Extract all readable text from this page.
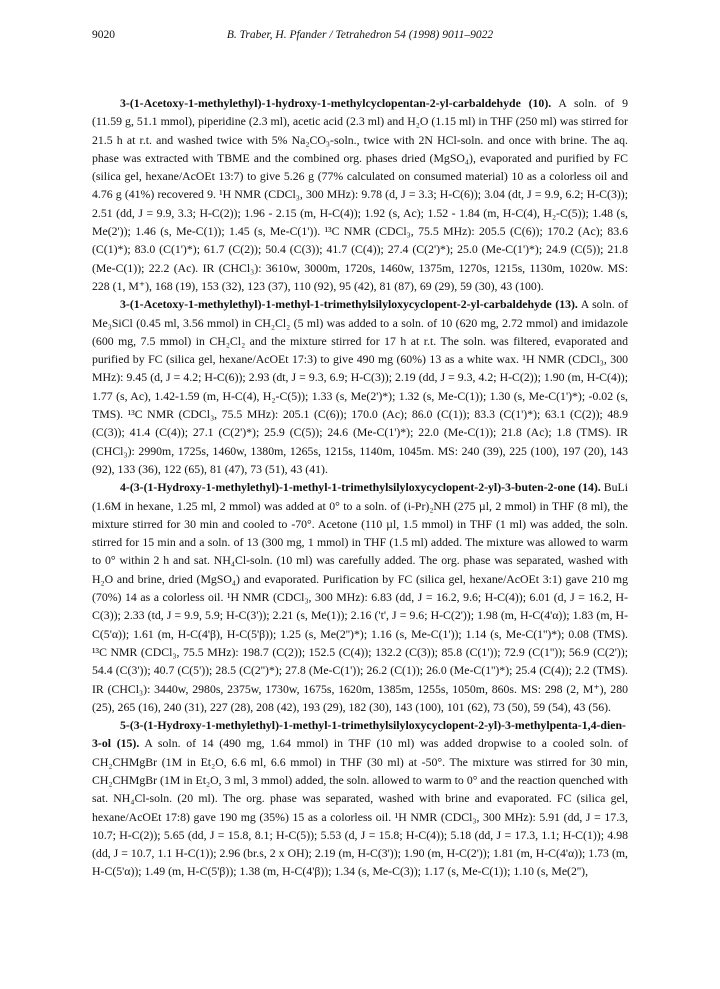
9020	B. Traber, H. Pfander / Tetrahedron 54 (1998) 9011–9022

3-(1-Acetoxy-1-methylethyl)-1-hydroxy-1-methylcyclopentan-2-yl-carbaldehyde (10). A soln. of 9 (11.59 g, 51.1 mmol), piperidine (2.3 ml), acetic acid (2.3 ml) and H₂O (1.15 ml) in THF (250 ml) was stirred for 21.5 h at r.t. and washed twice with 5% Na₂CO₃-soln., twice with 2N HCl-soln. and once with brine. The aq. phase was extracted with TBME and the combined org. phases dried (MgSO₄), evaporated and purified by FC (silica gel, hexane/AcOEt 13:7) to give 5.26 g (77% calculated on consumed material) 10 as a colorless oil and 4.76 g (41%) recovered 9. ¹H NMR (CDCl₃, 300 MHz): 9.78 (d, J = 3.3; H-C(6)); 3.04 (dt, J = 9.9, 6.2; H-C(3)); 2.51 (dd, J = 9.9, 3.3; H-C(2)); 1.96 - 2.15 (m, H-C(4)); 1.92 (s, Ac); 1.52 - 1.84 (m, H-C(4), H₂-C(5)); 1.48 (s, Me(2')); 1.46 (s, Me-C(1)); 1.45 (s, Me-C(1')). ¹³C NMR (CDCl₃, 75.5 MHz): 205.5 (C(6)); 170.2 (Ac); 83.6 (C(1)*); 83.0 (C(1')*); 61.7 (C(2)); 50.4 (C(3)); 41.7 (C(4)); 27.4 (C(2')*); 25.0 (Me-C(1')*); 24.9 (C(5)); 21.8 (Me-C(1)); 22.2 (Ac). IR (CHCl₃): 3610w, 3000m, 1720s, 1460w, 1375m, 1270s, 1215s, 1130m, 1020w. MS: 228 (1, M⁺), 168 (19), 153 (32), 123 (37), 110 (92), 95 (42), 81 (87), 69 (29), 59 (30), 43 (100).

3-(1-Acetoxy-1-methylethyl)-1-methyl-1-trimethylsilyloxycyclopent-2-yl-carbaldehyde (13). A soln. of Me₃SiCl (0.45 ml, 3.56 mmol) in CH₂Cl₂ (5 ml) was added to a soln. of 10 (620 mg, 2.72 mmol) and imidazole (600 mg, 7.5 mmol) in CH₂Cl₂ and the mixture stirred for 17 h at r.t. The soln. was filtered, evaporated and purified by FC (silica gel, hexane/AcOEt 17:3) to give 490 mg (60%) 13 as a white wax. ¹H NMR (CDCl₃, 300 MHz): 9.45 (d, J = 4.2; H-C(6)); 2.93 (dt, J = 9.3, 6.9; H-C(3)); 2.19 (dd, J = 9.3, 4.2; H-C(2)); 1.90 (m, H-C(4)); 1.77 (s, Ac), 1.42-1.59 (m, H-C(4), H₂-C(5)); 1.33 (s, Me(2')*); 1.32 (s, Me-C(1)); 1.30 (s, Me-C(1')*); -0.02 (s, TMS). ¹³C NMR (CDCl₃, 75.5 MHz): 205.1 (C(6)); 170.0 (Ac); 86.0 (C(1)); 83.3 (C(1')*); 63.1 (C(2)); 48.9 (C(3)); 41.4 (C(4)); 27.1 (C(2')*); 25.9 (C(5)); 24.6 (Me-C(1')*); 22.0 (Me-C(1)); 21.8 (Ac); 1.8 (TMS). IR (CHCl₃): 2990m, 1725s, 1460w, 1380m, 1265s, 1215s, 1140m, 1045m. MS: 240 (39), 225 (100), 197 (20), 143 (92), 133 (36), 122 (65), 81 (47), 73 (51), 43 (41).

4-(3-(1-Hydroxy-1-methylethyl)-1-methyl-1-trimethylsilyloxycyclopent-2-yl)-3-buten-2-one (14). BuLi (1.6M in hexane, 1.25 ml, 2 mmol) was added at 0° to a soln. of (i-Pr)₂NH (275 µl, 2 mmol) in THF (8 ml), the mixture stirred for 30 min and cooled to -70°. Acetone (110 µl, 1.5 mmol) in THF (1 ml) was added, the soln. stirred for 15 min and a soln. of 13 (300 mg, 1 mmol) in THF (1.5 ml) added. The mixture was allowed to warm to 0° within 2 h and sat. NH₄Cl-soln. (10 ml) was carefully added. The org. phase was separated, washed with H₂O and brine, dried (MgSO₄) and evaporated. Purification by FC (silica gel, hexane/AcOEt 3:1) gave 210 mg (70%) 14 as a colorless oil. ¹H NMR (CDCl₃, 300 MHz): 6.83 (dd, J = 16.2, 9.6; H-C(4)); 6.01 (d, J = 16.2, H-C(3)); 2.33 (td, J = 9.9, 5.9; H-C(3')); 2.21 (s, Me(1)); 2.16 ('t', J = 9.6; H-C(2')); 1.98 (m, H-C(4'α)); 1.83 (m, H-C(5'α)); 1.61 (m, H-C(4'β), H-C(5'β)); 1.25 (s, Me(2'')*); 1.16 (s, Me-C(1')); 1.14 (s, Me-C(1'')*); 0.08 (TMS). ¹³C NMR (CDCl₃, 75.5 MHz): 198.7 (C(2)); 152.5 (C(4)); 132.2 (C(3)); 85.8 (C(1')); 72.9 (C(1'')); 56.9 (C(2')); 54.4 (C(3')); 40.7 (C(5')); 28.5 (C(2'')*); 27.8 (Me-C(1')); 26.2 (C(1)); 26.0 (Me-C(1'')*); 25.4 (C(4)); 2.2 (TMS). IR (CHCl₃): 3440w, 2980s, 2375w, 1730w, 1675s, 1620m, 1385m, 1255s, 1050m, 860s. MS: 298 (2, M⁺), 280 (25), 265 (16), 240 (31), 227 (28), 208 (42), 193 (29), 182 (30), 143 (100), 101 (62), 73 (50), 59 (54), 43 (56).

5-(3-(1-Hydroxy-1-methylethyl)-1-methyl-1-trimethylsilyloxycyclopent-2-yl)-3-methylpenta-1,4-dien-3-ol (15). A soln. of 14 (490 mg, 1.64 mmol) in THF (10 ml) was added dropwise to a cooled soln. of CH₂CHMgBr (1M in Et₂O, 6.6 ml, 6.6 mmol) in THF (30 ml) at -50°. The mixture was stirred for 30 min, CH₂CHMgBr (1M in Et₂O, 3 ml, 3 mmol) added, the soln. allowed to warm to 0° and the reaction quenched with sat. NH₄Cl-soln. (20 ml). The org. phase was separated, washed with brine and evaporated. FC (silica gel, hexane/AcOEt 17:8) gave 190 mg (35%) 15 as a colorless oil. ¹H NMR (CDCl₃, 300 MHz): 5.91 (dd, J = 17.3, 10.7; H-C(2)); 5.65 (dd, J = 15.8, 8.1; H-C(5)); 5.53 (d, J = 15.8; H-C(4)); 5.18 (dd, J = 17.3, 1.1; H-C(1)); 4.98 (dd, J = 10.7, 1.1 H-C(1)); 2.96 (br.s, 2 x OH); 2.19 (m, H-C(3')); 1.90 (m, H-C(2')); 1.81 (m, H-C(4'α)); 1.73 (m, H-C(5'α)); 1.49 (m, H-C(5'β)); 1.38 (m, H-C(4'β)); 1.34 (s, Me-C(3)); 1.17 (s, Me-C(1)); 1.10 (s, Me(2''),
